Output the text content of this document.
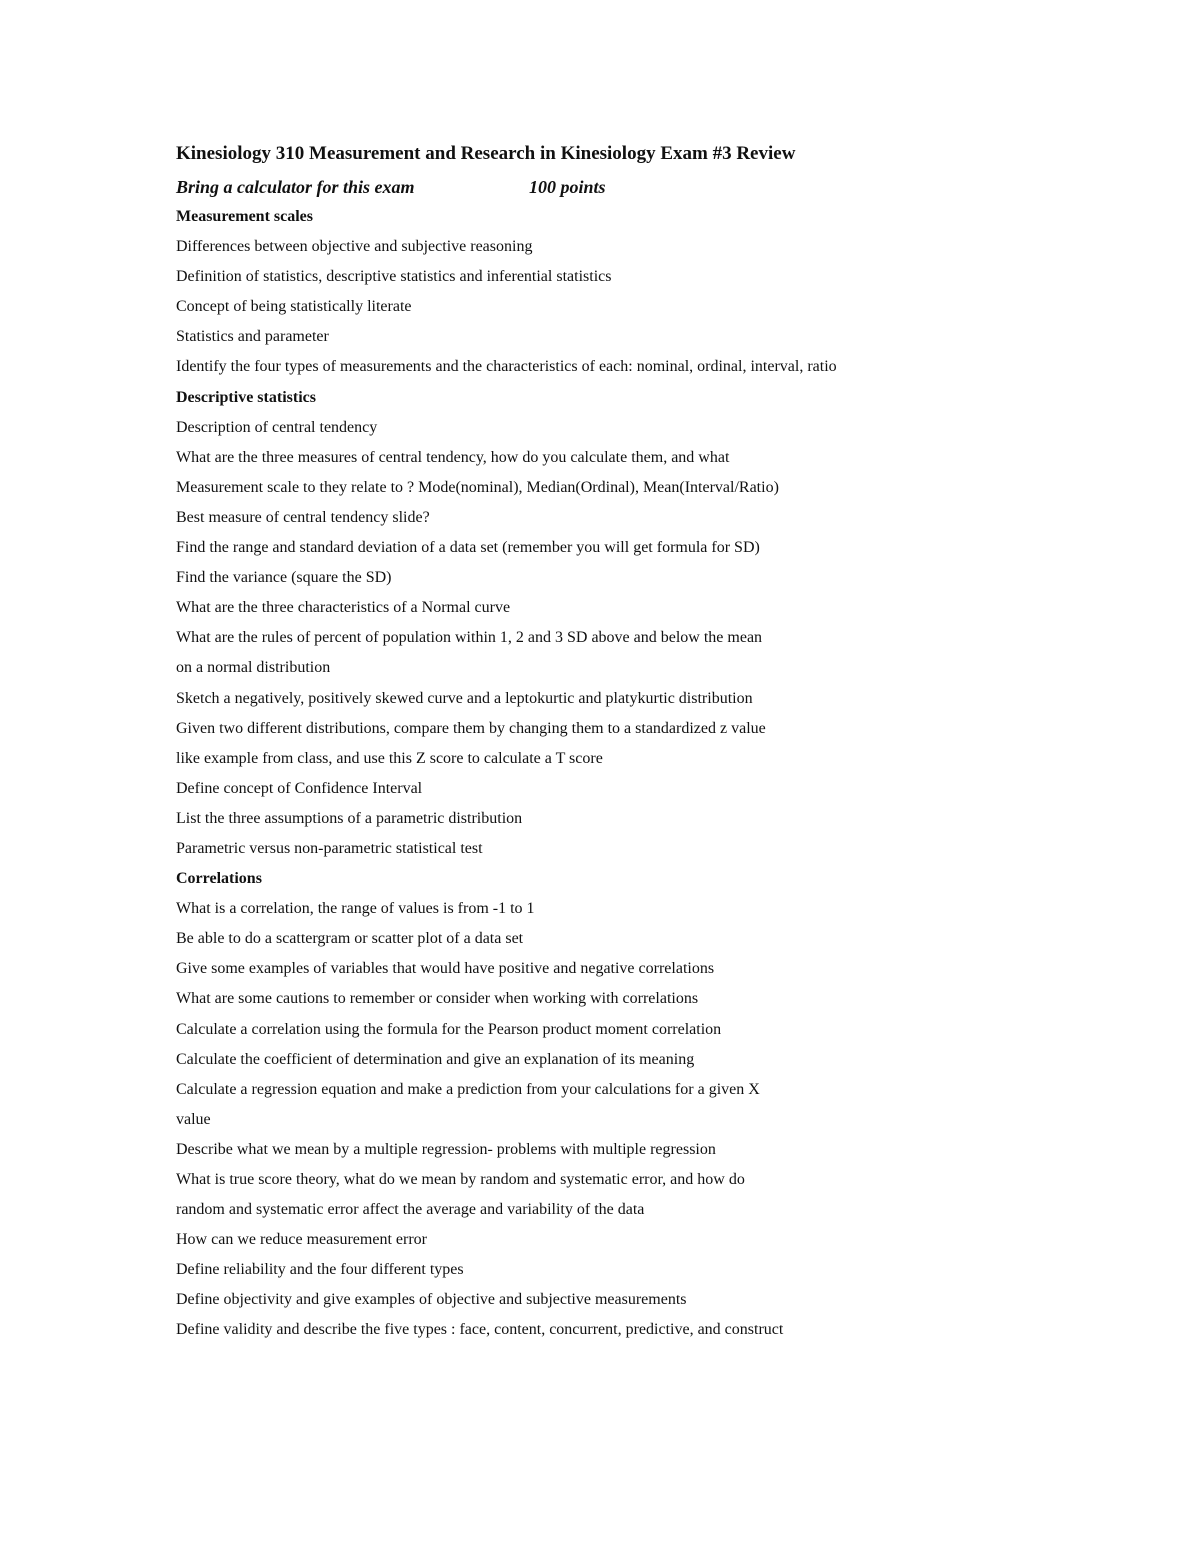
Kinesiology 310 Measurement and Research in Kinesiology Exam #3 Review
Bring a calculator for this exam	100 points
Measurement scales
Differences between objective and subjective reasoning
Definition of statistics, descriptive statistics and inferential statistics
Concept of being statistically literate
Statistics and parameter
Identify the four types of measurements and the characteristics of each: nominal, ordinal, interval, ratio
Descriptive statistics
Description of central tendency
What are the three measures of central tendency, how do you calculate them, and what
Measurement scale to they relate to ? Mode(nominal), Median(Ordinal), Mean(Interval/Ratio)
Best measure of central tendency slide?
Find the range and standard deviation of a data set (remember you will get formula for SD)
Find the variance (square the SD)
What are the three characteristics of a Normal curve
What are the rules of percent of population within 1, 2 and 3 SD above and below the mean
on a normal distribution
Sketch a negatively, positively skewed curve and a leptokurtic and platykurtic distribution
Given two different distributions, compare them by changing them to a standardized z value
like example from class, and use this Z score to calculate a T score
Define concept of Confidence Interval
List the three assumptions of a parametric distribution
Parametric versus non-parametric statistical test
Correlations
What is a correlation, the range of values is from -1 to 1
Be able to do a scattergram or scatter plot of a data set
Give some examples of variables that would have positive and negative correlations
What are some cautions to remember or consider when working with correlations
Calculate a correlation using the formula for the Pearson product moment correlation
Calculate the coefficient of determination and give an explanation of its meaning
Calculate a regression equation and make a prediction from your calculations for a given X
value
Describe what we mean by a multiple regression- problems with multiple regression
What is true score theory, what do we mean by random and systematic error, and how do
random and systematic error affect the average and variability of the data
How can we reduce measurement error
Define reliability and the four different types
Define objectivity and give examples of objective and subjective measurements
Define validity and describe the five types : face, content, concurrent, predictive, and construct
